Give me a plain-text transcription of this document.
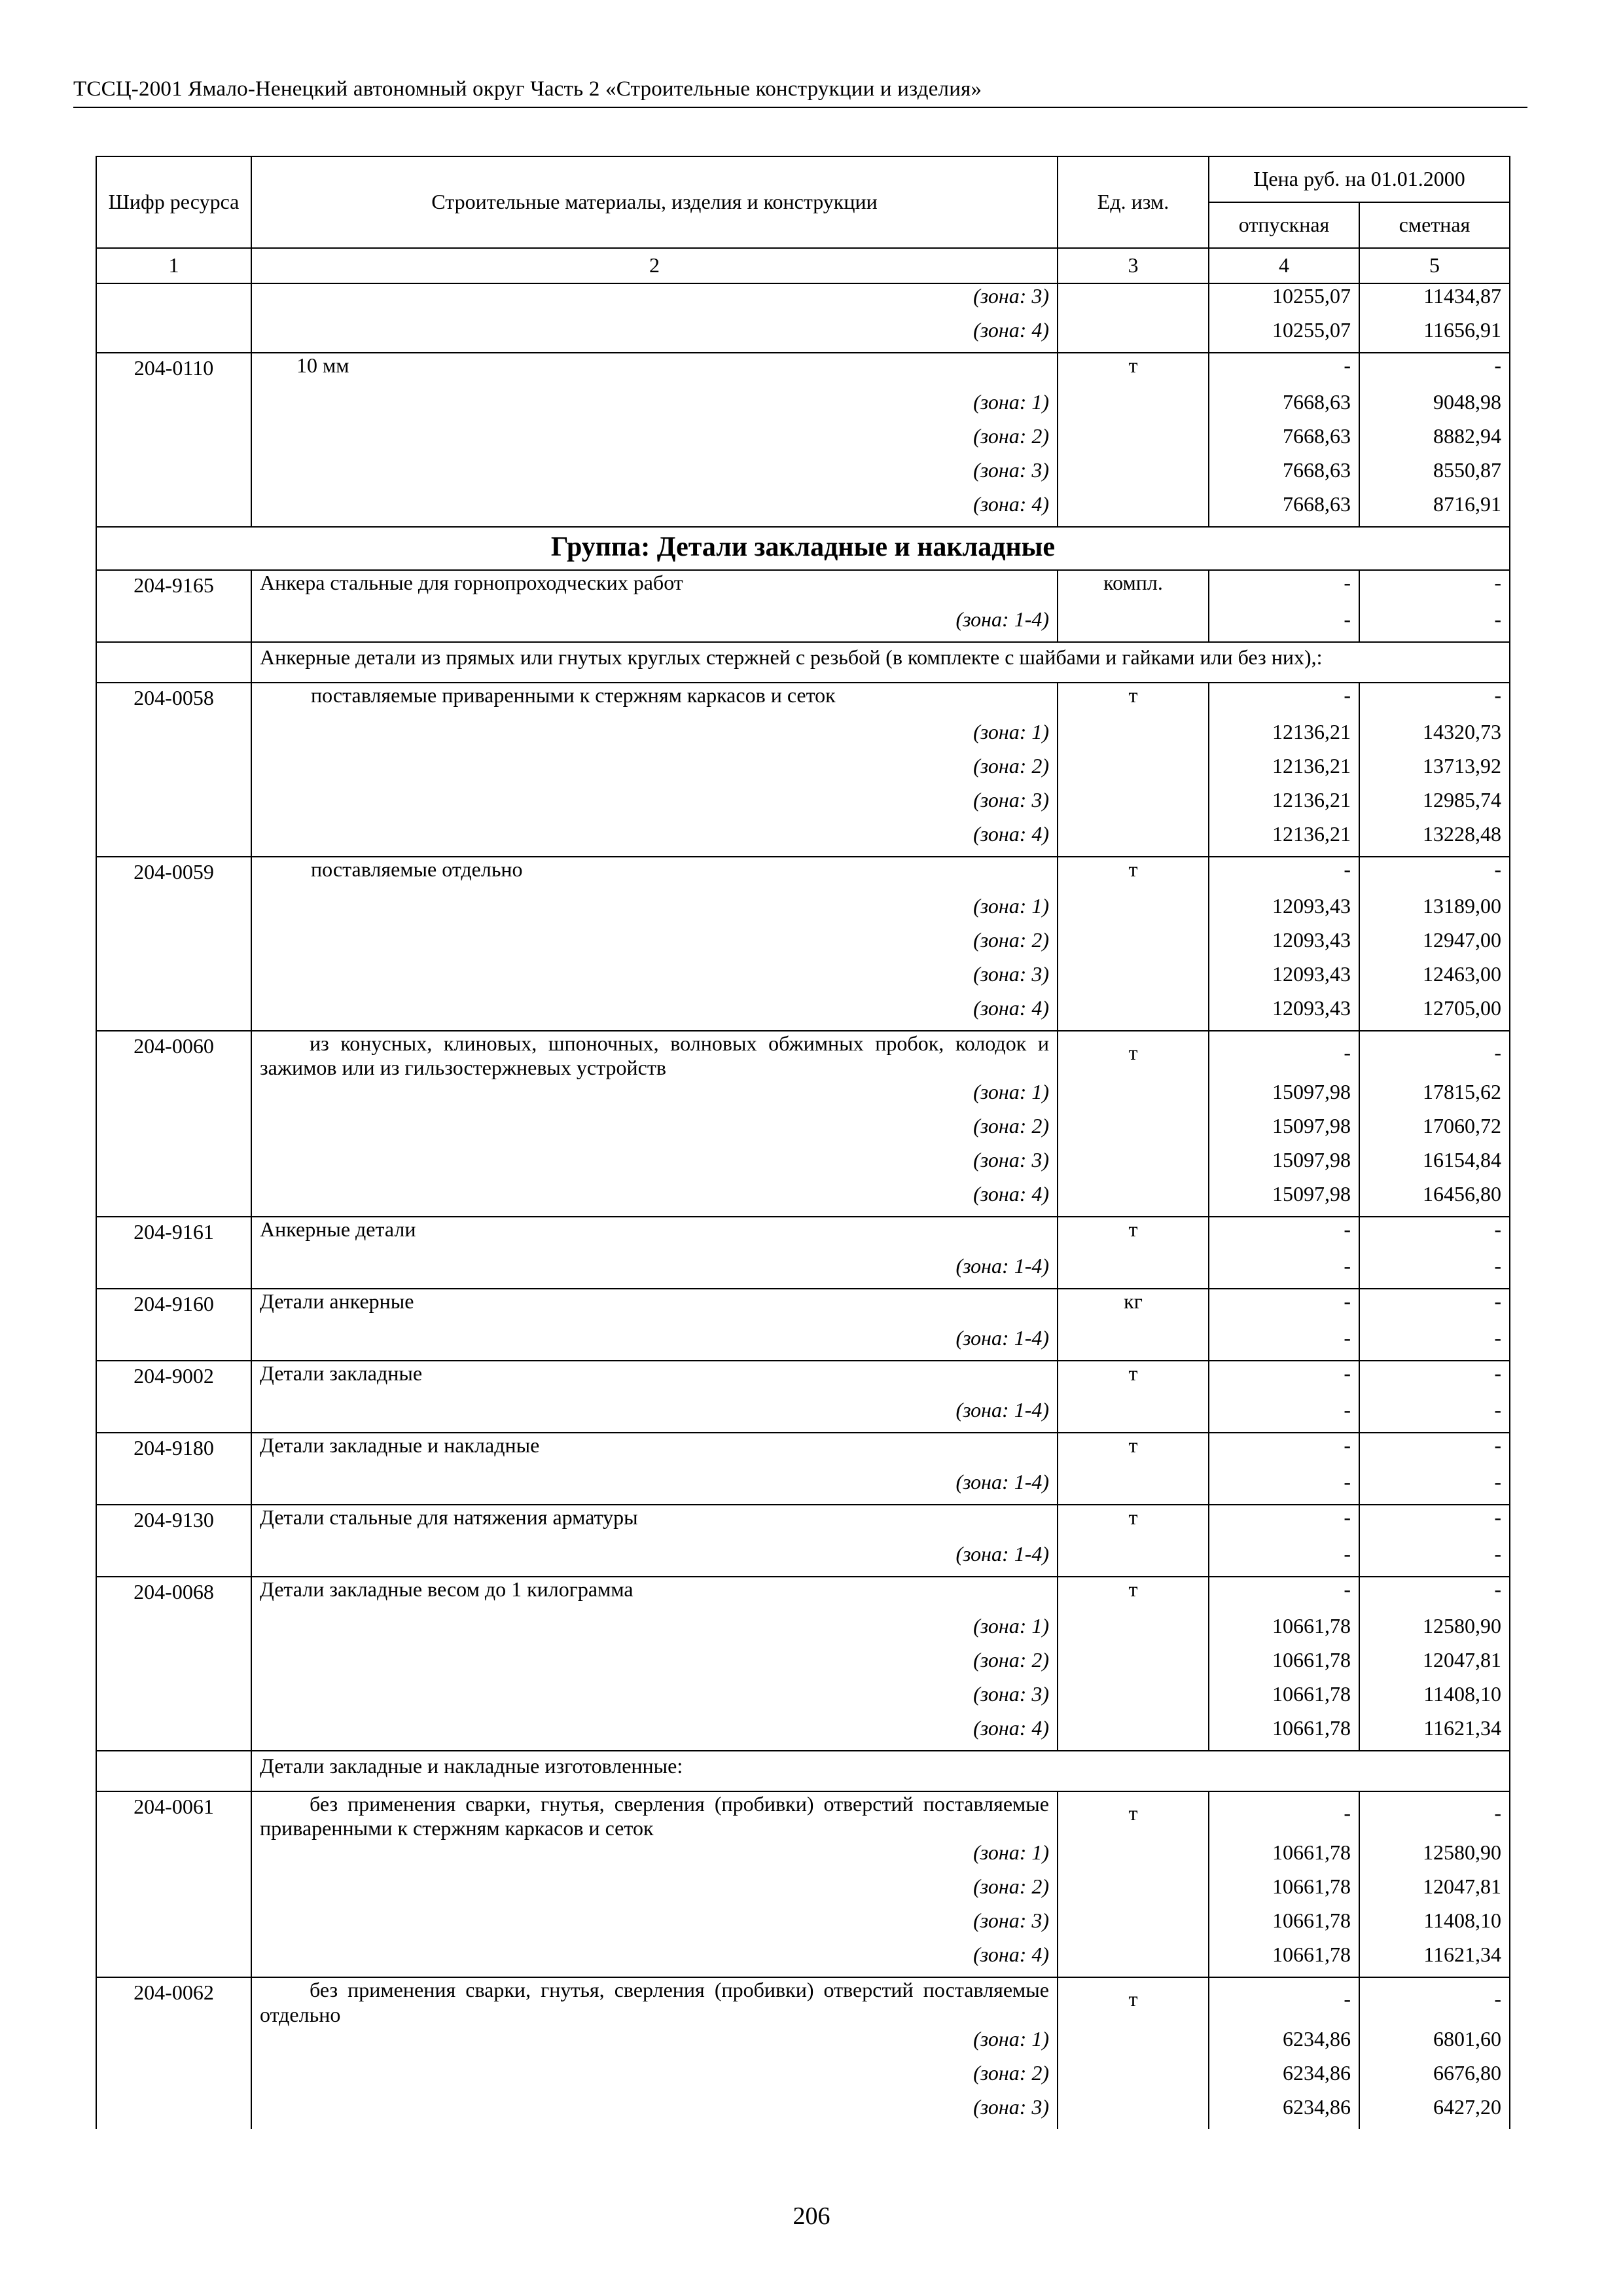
ТССЦ-2001 Ямало-Ненецкий автономный округ Часть 2 «Строительные конструкции и изделия»
Шифр ресурса	Строительные материалы, изделия и конструкции	Ед. изм.	Цена руб. на 01.01.2000	
			отпускная	сметная
1	2	3	4	5
	(зона: 3)		10255,07	11434,87
	(зона: 4)		10255,07	11656,91
204-0110	10 мм	т	-	-
	(зона: 1)		7668,63	9048,98
	(зона: 2)		7668,63	8882,94
	(зона: 3)		7668,63	8550,87
	(зона: 4)		7668,63	8716,91
Группа: Детали закладные и накладные				
204-9165	Анкера стальные для горнопроходческих работ	компл.	-	-
	(зона: 1-4)		-	-
	Анкерные детали из прямых или гнутых круглых стержней с резьбой (в комплекте с шайбами и гайками или без них),:			
204-0058	поставляемые приваренными к стержням каркасов и сеток	т	-	-
	(зона: 1)		12136,21	14320,73
	(зона: 2)		12136,21	13713,92
	(зона: 3)		12136,21	12985,74
	(зона: 4)		12136,21	13228,48
204-0059	поставляемые отдельно	т	-	-
	(зона: 1)		12093,43	13189,00
	(зона: 2)		12093,43	12947,00
	(зона: 3)		12093,43	12463,00
	(зона: 4)		12093,43	12705,00
204-0060	из конусных, клиновых, шпоночных, волновых обжимных пробок, колодок и зажимов или из гильзостержневых устройств	т	-	-
	(зона: 1)		15097,98	17815,62
	(зона: 2)		15097,98	17060,72
	(зона: 3)		15097,98	16154,84
	(зона: 4)		15097,98	16456,80
204-9161	Анкерные детали	т	-	-
	(зона: 1-4)		-	-
204-9160	Детали анкерные	кг	-	-
	(зона: 1-4)		-	-
204-9002	Детали закладные	т	-	-
	(зона: 1-4)		-	-
204-9180	Детали закладные и накладные	т	-	-
	(зона: 1-4)		-	-
204-9130	Детали стальные для натяжения арматуры	т	-	-
	(зона: 1-4)		-	-
204-0068	Детали закладные весом до 1 килограмма	т	-	-
	(зона: 1)		10661,78	12580,90
	(зона: 2)		10661,78	12047,81
	(зона: 3)		10661,78	11408,10
	(зона: 4)		10661,78	11621,34
	Детали закладные и накладные изготовленные:			
204-0061	без применения сварки, гнутья, сверления (пробивки) отверстий поставляемые приваренными к стержням каркасов и сеток	т	-	-
	(зона: 1)		10661,78	12580,90
	(зона: 2)		10661,78	12047,81
	(зона: 3)		10661,78	11408,10
	(зона: 4)		10661,78	11621,34
204-0062	без применения сварки, гнутья, сверления (пробивки) отверстий поставляемые отдельно	т	-	-
	(зона: 1)		6234,86	6801,60
	(зона: 2)		6234,86	6676,80
	(зона: 3)		6234,86	6427,20
206
